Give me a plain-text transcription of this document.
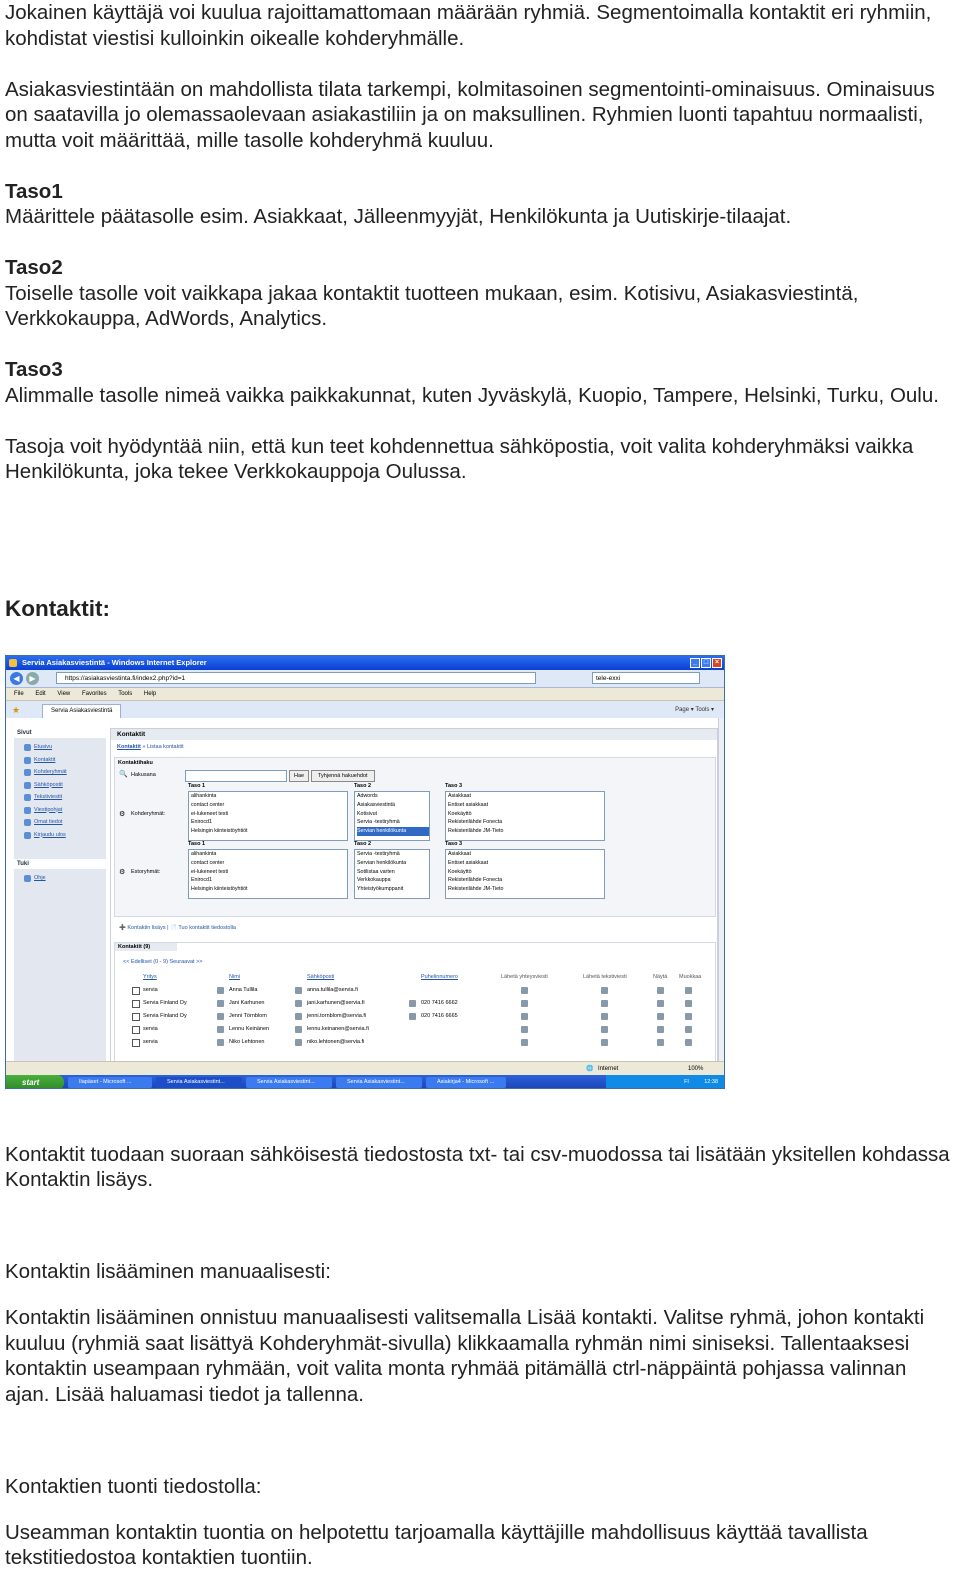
Jokainen käyttäjä voi kuulua rajoittamattomaan määrään ryhmiä. Segmentoimalla kontaktit eri ryhmiin, kohdistat viestisi kulloinkin oikealle kohderyhmälle.

Asiakasviestintään on mahdollista tilata tarkempi, kolmitasoinen segmentointi-ominaisuus. Ominaisuus on saatavilla jo olemassaolevaan asiakastiliin ja on maksullinen. Ryhmien luonti tapahtuu normaalisti, mutta voit määrittää, mille tasolle kohderyhmä kuuluu.

Taso1

Määrittele päätasolle esim. Asiakkaat, Jälleenmyyjät, Henkilökunta ja Uutiskirje-tilaajat.

Taso2

Toiselle tasolle voit vaikkapa jakaa kontaktit tuotteen mukaan, esim. Kotisivu, Asiakasviestintä, Verkkokauppa, AdWords, Analytics.

Taso3

Alimmalle tasolle nimeä vaikka paikkakunnat, kuten Jyväskylä, Kuopio, Tampere, Helsinki, Turku, Oulu.

Tasoja voit hyödyntää niin, että kun teet kohdennettua sähköpostia, voit valita kohderyhmäksi vaikka Henkilökunta, joka tekee Verkkokauppoja Oulussa.

Kontaktit:
Servia Asiakasviestintä - Windows Internet Explorer	_ □ ×
◀	▶	https://asiakasviestinta.fi/index2.php?id=1	tele-exxi
File Edit View Favorites Tools Help
★	Servia Asiakasviestintä	Page ▾ Tools ▾
Sivut
Etusivu
Kontaktit
Kohderyhmät
Sähköpostit
Tekstiviestit
Viestipohjat
Omat tiedot
Kirjaudu ulos
Tuki
Ohje
Kontaktit
Kontaktit » Listaa kontaktit
Kontaktihaku
🔍 Hakusana	Hae	Tyhjennä hakuehdot
⚙ Kohderyhmät:
Taso 1	Taso 2	Taso 3
alihankinta
contact center
ei-lukeneet testi
Enirocd1
Helsingin kiinteistöyhtiöt
Adwords
Asiakasviestintä
Kotisivut
Servia -testiryhmä
Servian henkilökunta
Asiakkaat
Entiset asiakkaat
Koekäyttö
Rekisterilähde Fonecta
Rekisterilähde JM-Tieto
⚙ Estoryhmät:
Taso 1	Taso 2	Taso 3
alihankinta
contact center
ei-lukeneet testi
Enirocd1
Helsingin kiinteistöyhtiöt
Servia -testiryhmä
Servian henkilökunta
Sotilistaa varten
Verkkokauppa
Yhteistyökumppanit
Asiakkaat
Entiset asiakkaat
Koekäyttö
Rekisterilähde Fonecta
Rekisterilähde JM-Tieto
➕ Kontaktin lisäys | 📄 Tuo kontaktit tiedostolla
Kontaktit (9)
<< Edelliset (0 - 9) Seuraavat >>
Yritys	Nimi	Sähköposti	Puhelinnumero	Lähetä yhteysviesti	Lähetä tekstiviesti	Näytä Muokkaa
servia	Anna Tullila	anna.tullila@servia.fi
Servia Finland Oy	Jani Karhunen	jani.karhunen@servia.fi	020 7416 6662
Servia Finland Oy	Jenni Törnblom	jenni.tornblom@servia.fi	020 7416 6665
servia	Lennu Keinänen	lennu.keinanen@servia.fi
servia	Niko Lehtonen	niko.lehtonen@servia.fi
🌐 Internet	100%
start	Ilapäset - Microsoft ...	Servia Asiakasviestint...	Servia Asiakasviestint...	Servia Asiakasviestint...	Asiakirja4 - Microsoft ...	FI	12:38

Kontaktit tuodaan suoraan sähköisestä tiedostosta txt- tai csv-muodossa tai lisätään yksitellen kohdassa Kontaktin lisäys.

Kontaktin lisääminen manuaalisesti:

Kontaktin lisääminen onnistuu manuaalisesti valitsemalla Lisää kontakti. Valitse ryhmä, johon kontakti kuuluu (ryhmiä saat lisättyä Kohderyhmät-sivulla) klikkaamalla ryhmän nimi siniseksi. Tallentaaksesi kontaktin useampaan ryhmään, voit valita monta ryhmää pitämällä ctrl-näppäintä pohjassa valinnan ajan. Lisää haluamasi tiedot ja tallenna.

Kontaktien tuonti tiedostolla:

Useamman kontaktin tuontia on helpotettu tarjoamalla käyttäjille mahdollisuus käyttää tavallista tekstitiedostoa kontaktien tuontiin.
